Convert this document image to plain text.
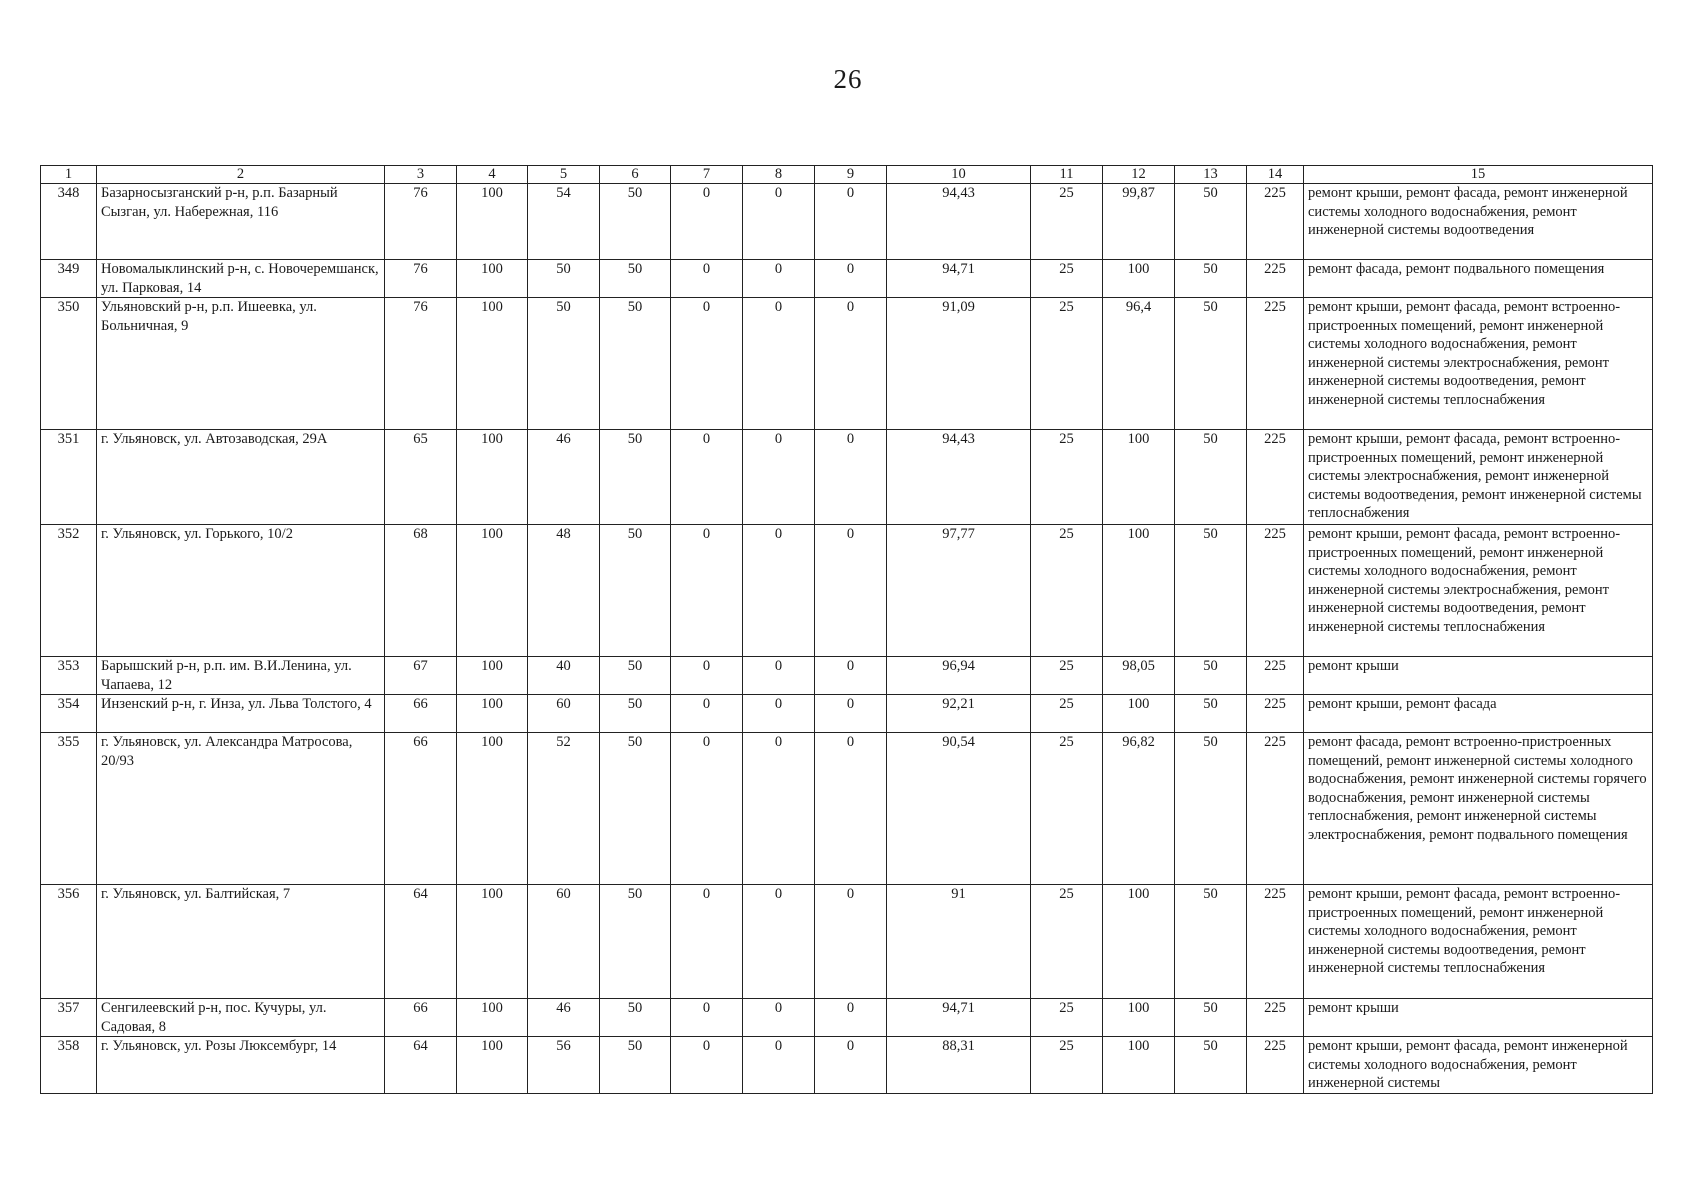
26
1	2	3	4	5	6	7	8	9	10	11	12	13	14	15
348	Базарносызганский р-н, р.п. Базарный Сызган, ул. Набережная, 116	76	100	54	50	0	0	0	94,43	25	99,87	50	225	ремонт крыши, ремонт фасада, ремонт инженерной системы холодного водоснабжения, ремонт инженерной системы водоотведения
349	Новомалыклинский р-н, с. Новочеремшанск, ул. Парковая, 14	76	100	50	50	0	0	0	94,71	25	100	50	225	ремонт фасада, ремонт подвального помещения
350	Ульяновский р-н, р.п. Ишеевка, ул. Больничная, 9	76	100	50	50	0	0	0	91,09	25	96,4	50	225	ремонт крыши, ремонт фасада, ремонт встроенно-пристроенных помещений, ремонт инженерной системы холодного водоснабжения, ремонт инженерной системы электроснабжения, ремонт инженерной системы водоотведения, ремонт инженерной системы теплоснабжения
351	г. Ульяновск, ул. Автозаводская, 29А	65	100	46	50	0	0	0	94,43	25	100	50	225	ремонт крыши, ремонт фасада, ремонт встроенно-пристроенных помещений, ремонт инженерной системы электроснабжения, ремонт инженерной системы водоотведения, ремонт инженерной системы теплоснабжения
352	г. Ульяновск, ул. Горького, 10/2	68	100	48	50	0	0	0	97,77	25	100	50	225	ремонт крыши, ремонт фасада, ремонт встроенно-пристроенных помещений, ремонт инженерной системы холодного водоснабжения, ремонт инженерной системы электроснабжения, ремонт инженерной системы водоотведения, ремонт инженерной системы теплоснабжения
353	Барышский р-н, р.п. им. В.И.Ленина, ул. Чапаева, 12	67	100	40	50	0	0	0	96,94	25	98,05	50	225	ремонт крыши
354	Инзенский р-н, г. Инза, ул. Льва Толстого, 4	66	100	60	50	0	0	0	92,21	25	100	50	225	ремонт крыши, ремонт фасада
355	г. Ульяновск, ул. Александра Матросова, 20/93	66	100	52	50	0	0	0	90,54	25	96,82	50	225	ремонт фасада, ремонт встроенно-пристроенных помещений, ремонт инженерной системы холодного водоснабжения, ремонт инженерной системы горячего водоснабжения, ремонт инженерной системы теплоснабжения, ремонт инженерной системы электроснабжения, ремонт подвального помещения
356	г. Ульяновск, ул. Балтийская, 7	64	100	60	50	0	0	0	91	25	100	50	225	ремонт крыши, ремонт фасада, ремонт встроенно-пристроенных помещений, ремонт инженерной системы холодного водоснабжения, ремонт инженерной системы водоотведения, ремонт инженерной системы теплоснабжения
357	Сенгилеевский р-н, пос. Кучуры, ул. Садовая, 8	66	100	46	50	0	0	0	94,71	25	100	50	225	ремонт крыши
358	г. Ульяновск, ул. Розы Люксембург, 14	64	100	56	50	0	0	0	88,31	25	100	50	225	ремонт крыши, ремонт фасада, ремонт инженерной системы холодного водоснабжения, ремонт инженерной системы
